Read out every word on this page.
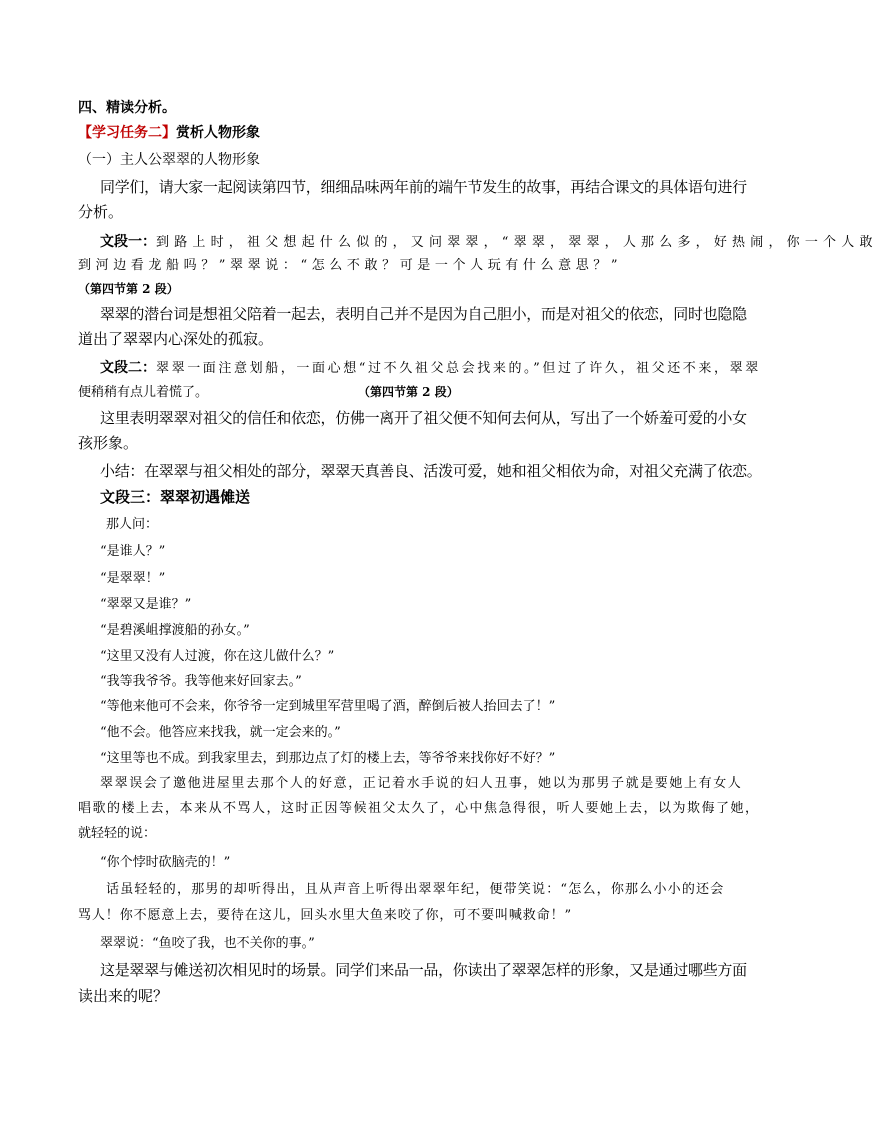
四、精读分析。
【学习任务二】赏析人物形象
（一）主人公翠翠的人物形象
同学们，请大家一起阅读第四节，细细品味两年前的端午节发生的故事，再结合课文的具体语句进行
分析。
文段一：到路上时，祖父想起什么似的，又问翠翠，“翠翠，翠翠，人那么多，好热闹，你一个人敢
到河边看龙船吗？”翠翠说：“怎么不敢？可是一个人玩有什么意思？”
（第四节第 2 段）
翠翠的潜台词是想祖父陪着一起去，表明自己并不是因为自己胆小，而是对祖父的依恋，同时也隐隐
道出了翠翠内心深处的孤寂。
文段二：翠翠一面注意划船，一面心想“过不久祖父总会找来的。”但过了许久，祖父还不来，翠翠
便稍稍有点儿着慌了。	（第四节第 2 段）
这里表明翠翠对祖父的信任和依恋，仿佛一离开了祖父便不知何去何从，写出了一个娇羞可爱的小女
孩形象。
小结：在翠翠与祖父相处的部分，翠翠天真善良、活泼可爱，她和祖父相依为命，对祖父充满了依恋。
文段三：翠翠初遇傩送
那人问：
“是谁人？”
“是翠翠！”
“翠翠又是谁？”
“是碧溪岨撑渡船的孙女。”
“这里又没有人过渡，你在这儿做什么？”
“我等我爷爷。我等他来好回家去。”
“等他来他可不会来，你爷爷一定到城里军营里喝了酒，醉倒后被人抬回去了！”
“他不会。他答应来找我，就一定会来的。”
“这里等也不成。到我家里去，到那边点了灯的楼上去，等爷爷来找你好不好？”
翠翠误会了邀他进屋里去那个人的好意，正记着水手说的妇人丑事，她以为那男子就是要她上有女人
唱歌的楼上去，本来从不骂人，这时正因等候祖父太久了，心中焦急得很，听人要她上去，以为欺侮了她，
就轻轻的说：
“你个悖时砍脑壳的！”
话虽轻轻的，那男的却听得出，且从声音上听得出翠翠年纪，便带笑说：“怎么，你那么小小的还会
骂人！你不愿意上去，要待在这儿，回头水里大鱼来咬了你，可不要叫喊救命！”
翠翠说：“鱼咬了我，也不关你的事。”
这是翠翠与傩送初次相见时的场景。同学们来品一品，你读出了翠翠怎样的形象，又是通过哪些方面
读出来的呢？
